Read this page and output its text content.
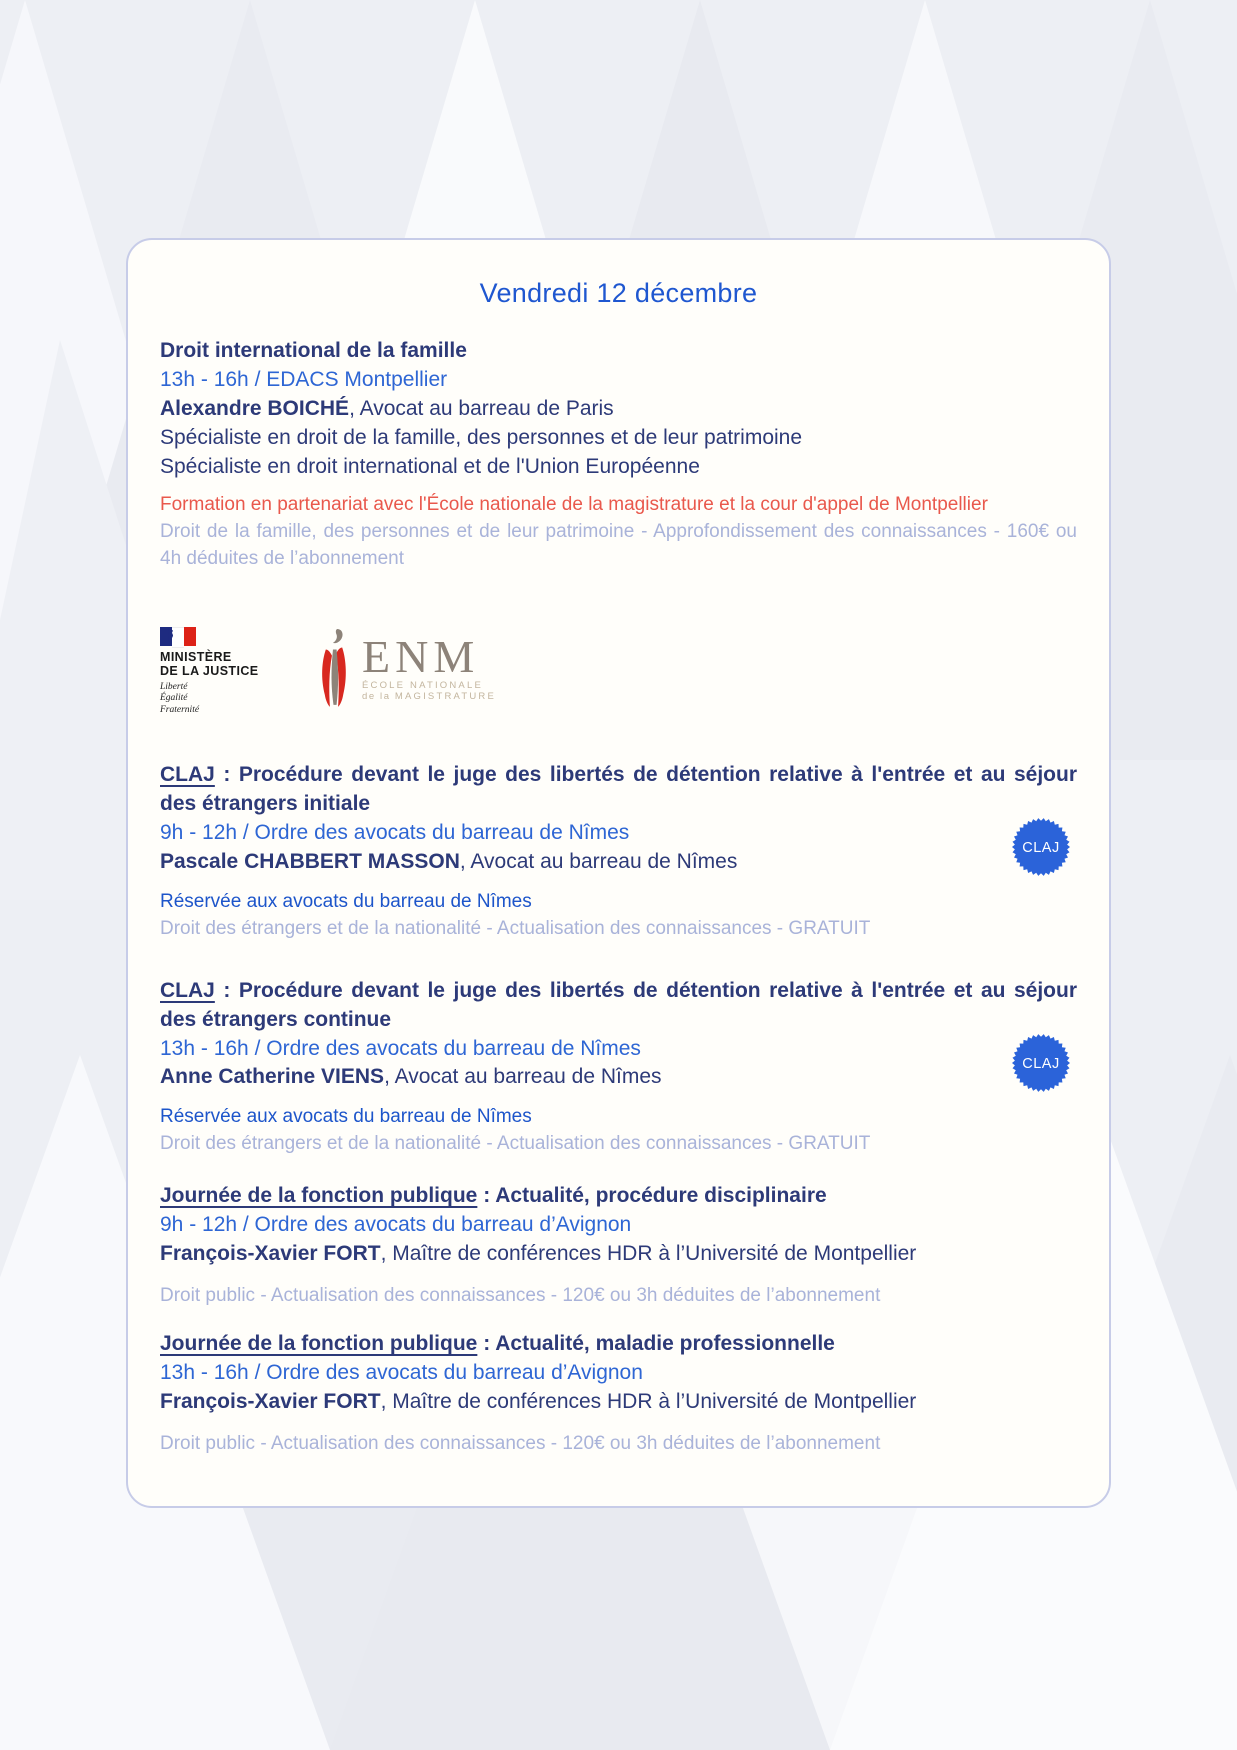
Vendredi 12 décembre

Droit international de la famille

13h - 16h / EDACS Montpellier

Alexandre BOICHÉ, Avocat au barreau de Paris

Spécialiste en droit de la famille, des personnes et de leur patrimoine

Spécialiste en droit international et de l'Union Européenne

Formation en partenariat avec l'École nationale de la magistrature et la cour d'appel de Montpellier

Droit de la famille, des personnes et de leur patrimoine - Approfondissement des connaissances - 160€ ou 4h déduites de l’abonnement

MINISTÈRE
DE LA JUSTICE
Liberté
Égalité
Fraternité
ENM
ÉCOLE NATIONALE
de la MAGISTRATURE

CLAJ : Procédure devant le juge des libertés de détention relative à l'entrée et au séjour des étrangers initiale

9h - 12h / Ordre des avocats du barreau de Nîmes

Pascale CHABBERT MASSON, Avocat au barreau de Nîmes

CLAJ

Réservée aux avocats du barreau de Nîmes

Droit des étrangers et de la nationalité - Actualisation des connaissances - GRATUIT

CLAJ : Procédure devant le juge des libertés de détention relative à l'entrée et au séjour des étrangers continue

13h - 16h / Ordre des avocats du barreau de Nîmes

Anne Catherine VIENS, Avocat au barreau de Nîmes

CLAJ

Réservée aux avocats du barreau de Nîmes

Droit des étrangers et de la nationalité - Actualisation des connaissances - GRATUIT

Journée de la fonction publique : Actualité, procédure disciplinaire

9h - 12h / Ordre des avocats du barreau d’Avignon

François-Xavier FORT, Maître de conférences HDR à l’Université de Montpellier

Droit public - Actualisation des connaissances - 120€ ou 3h déduites de l’abonnement

Journée de la fonction publique : Actualité, maladie professionnelle

13h - 16h / Ordre des avocats du barreau d’Avignon

François-Xavier FORT, Maître de conférences HDR à l’Université de Montpellier

Droit public - Actualisation des connaissances - 120€ ou 3h déduites de l’abonnement
